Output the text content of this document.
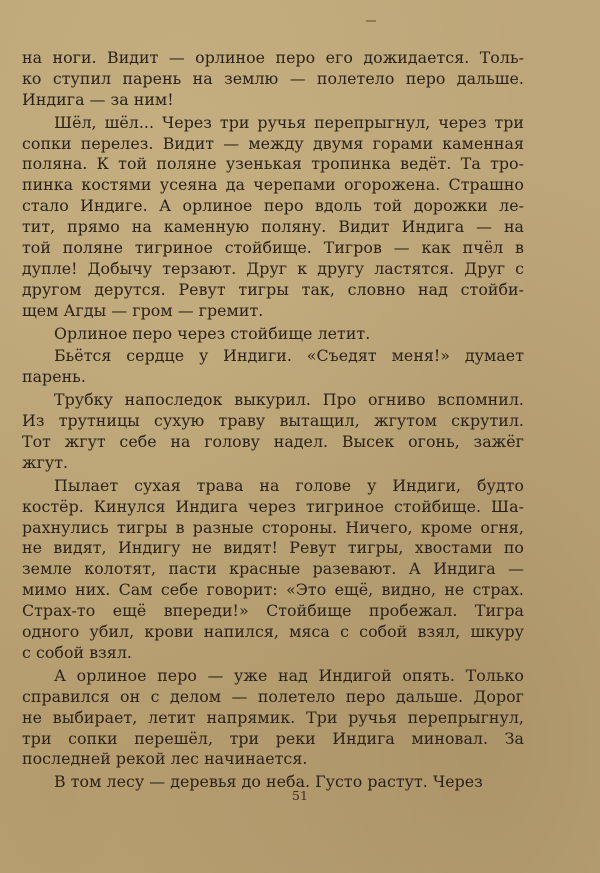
на ноги. Видит — орлиное перо его дожидается. Толь-
ко ступил парень на землю — полетело перо дальше.
Индига — за ним!
Шёл, шёл... Через три ручья перепрыгнул, через три
сопки перелез. Видит — между двумя горами каменная
поляна. К той поляне узенькая тропинка ведёт. Та тро-
пинка костями усеяна да черепами огорожена. Страшно
стало Индиге. А орлиное перо вдоль той дорожки ле-
тит, прямо на каменную поляну. Видит Индига — на
той поляне тигриное стойбище. Тигров — как пчёл в
дупле! Добычу терзают. Друг к другу ластятся. Друг с
другом дерутся. Ревут тигры так, словно над стойби-
щем Агды — гром — гремит.
Орлиное перо через стойбище летит.
Бьётся сердце у Индиги. «Съедят меня!» думает
парень.
Трубку напоследок выкурил. Про огниво вспомнил.
Из трутницы сухую траву вытащил, жгутом скрутил.
Тот жгут себе на голову надел. Высек огонь, зажёг
жгут.
Пылает сухая трава на голове у Индиги, будто
костёр. Кинулся Индига через тигриное стойбище. Ша-
рахнулись тигры в разные стороны. Ничего, кроме огня,
не видят, Индигу не видят! Ревут тигры, хвостами по
земле колотят, пасти красные разевают. А Индига —
мимо них. Сам себе говорит: «Это ещё, видно, не страх.
Страх-то ещё впереди!» Стойбище пробежал. Тигра
одного убил, крови напился, мяса с собой взял, шкуру
с собой взял.
А орлиное перо — уже над Индигой опять. Только
справился он с делом — полетело перо дальше. Дорог
не выбирает, летит напрямик. Три ручья перепрыгнул,
три сопки перешёл, три реки Индига миновал. За
последней рекой лес начинается.
В том лесу — деревья до неба. Густо растут. Через
51
